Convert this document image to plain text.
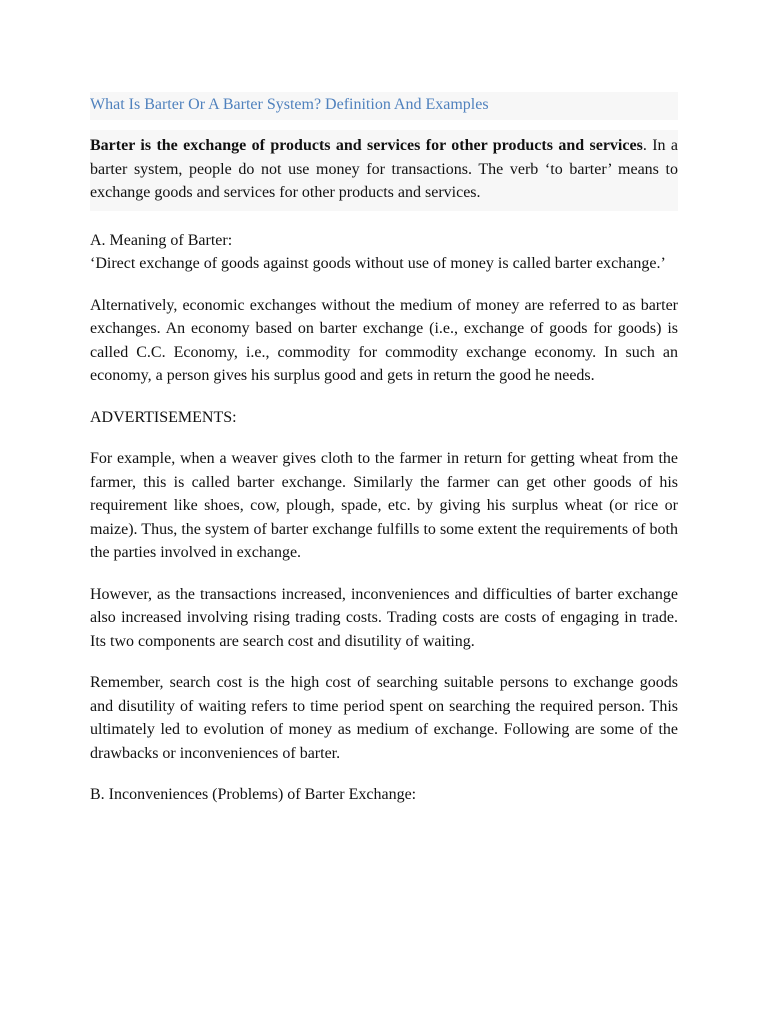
What Is Barter Or A Barter System? Definition And Examples

Barter is the exchange of products and services for other products and services. In a barter system, people do not use money for transactions. The verb ‘to barter’ means to exchange goods and services for other products and services.

A. Meaning of Barter:

‘Direct exchange of goods against goods without use of money is called barter exchange.’

Alternatively, economic exchanges without the medium of money are referred to as barter exchanges. An economy based on barter exchange (i.e., exchange of goods for goods) is called C.C. Economy, i.e., commodity for commodity exchange economy. In such an economy, a person gives his surplus good and gets in return the good he needs.

ADVERTISEMENTS:

For example, when a weaver gives cloth to the farmer in return for getting wheat from the farmer, this is called barter exchange. Similarly the farmer can get other goods of his requirement like shoes, cow, plough, spade, etc. by giving his surplus wheat (or rice or maize). Thus, the system of barter exchange fulfills to some extent the requirements of both the parties involved in exchange.

However, as the transactions increased, inconveniences and difficulties of barter exchange also increased involving rising trading costs. Trading costs are costs of engaging in trade. Its two components are search cost and disutility of waiting.

Remember, search cost is the high cost of searching suitable persons to exchange goods and disutility of waiting refers to time period spent on searching the required person. This ultimately led to evolution of money as medium of exchange. Following are some of the drawbacks or inconveniences of barter.

B. Inconveniences (Problems) of Barter Exchange:
